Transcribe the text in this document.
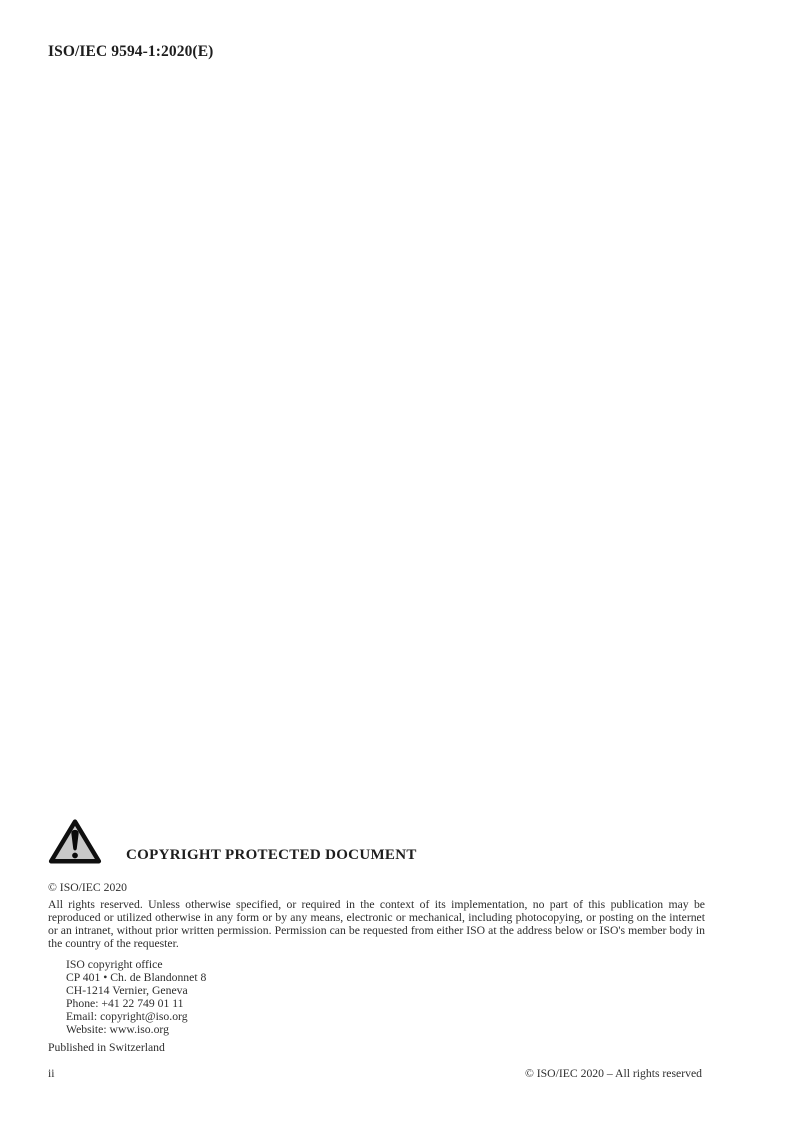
ISO/IEC 9594-1:2020(E)
COPYRIGHT PROTECTED DOCUMENT
© ISO/IEC 2020
All rights reserved. Unless otherwise specified, or required in the context of its implementation, no part of this publication may be reproduced or utilized otherwise in any form or by any means, electronic or mechanical, including photocopying, or posting on the internet or an intranet, without prior written permission. Permission can be requested from either ISO at the address below or ISO's member body in the country of the requester.
ISO copyright office
CP 401 • Ch. de Blandonnet 8
CH-1214 Vernier, Geneva
Phone: +41 22 749 01 11
Email: copyright@iso.org
Website: www.iso.org
Published in Switzerland
ii	© ISO/IEC 2020 – All rights reserved
